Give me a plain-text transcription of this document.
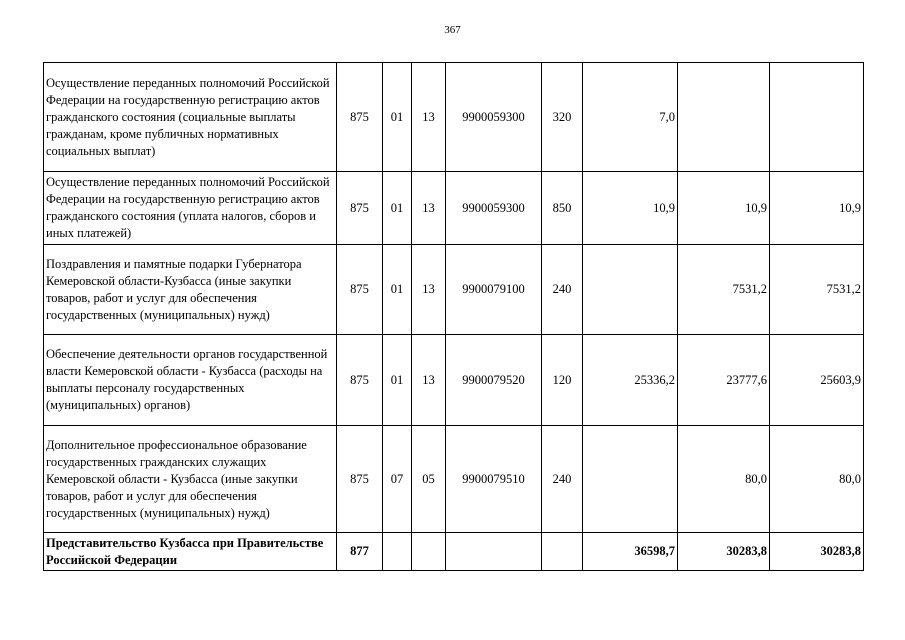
367
Осуществление переданных полномочий Российской Федерации на государственную регистрацию актов гражданского состояния (социальные выплаты гражданам, кроме публичных нормативных социальных выплат)	875	01	13	9900059300	320	7,0		
Осуществление переданных полномочий Российской Федерации на государственную регистрацию актов гражданского состояния (уплата налогов, сборов и иных платежей)	875	01	13	9900059300	850	10,9	10,9	10,9
Поздравления и памятные подарки Губернатора Кемеровской области-Кузбасса (иные закупки товаров, работ и услуг для обеспечения государственных (муниципальных) нужд)	875	01	13	9900079100	240		7531,2	7531,2
Обеспечение деятельности органов государственной власти Кемеровской области - Кузбасса (расходы на выплаты персоналу государственных (муниципальных) органов)	875	01	13	9900079520	120	25336,2	23777,6	25603,9
Дополнительное профессиональное образование государственных гражданских служащих Кемеровской области - Кузбасса (иные закупки товаров, работ и услуг для обеспечения государственных (муниципальных) нужд)	875	07	05	9900079510	240		80,0	80,0
Представительство Кузбасса при Правительстве Российской Федерации	877					36598,7	30283,8	30283,8
